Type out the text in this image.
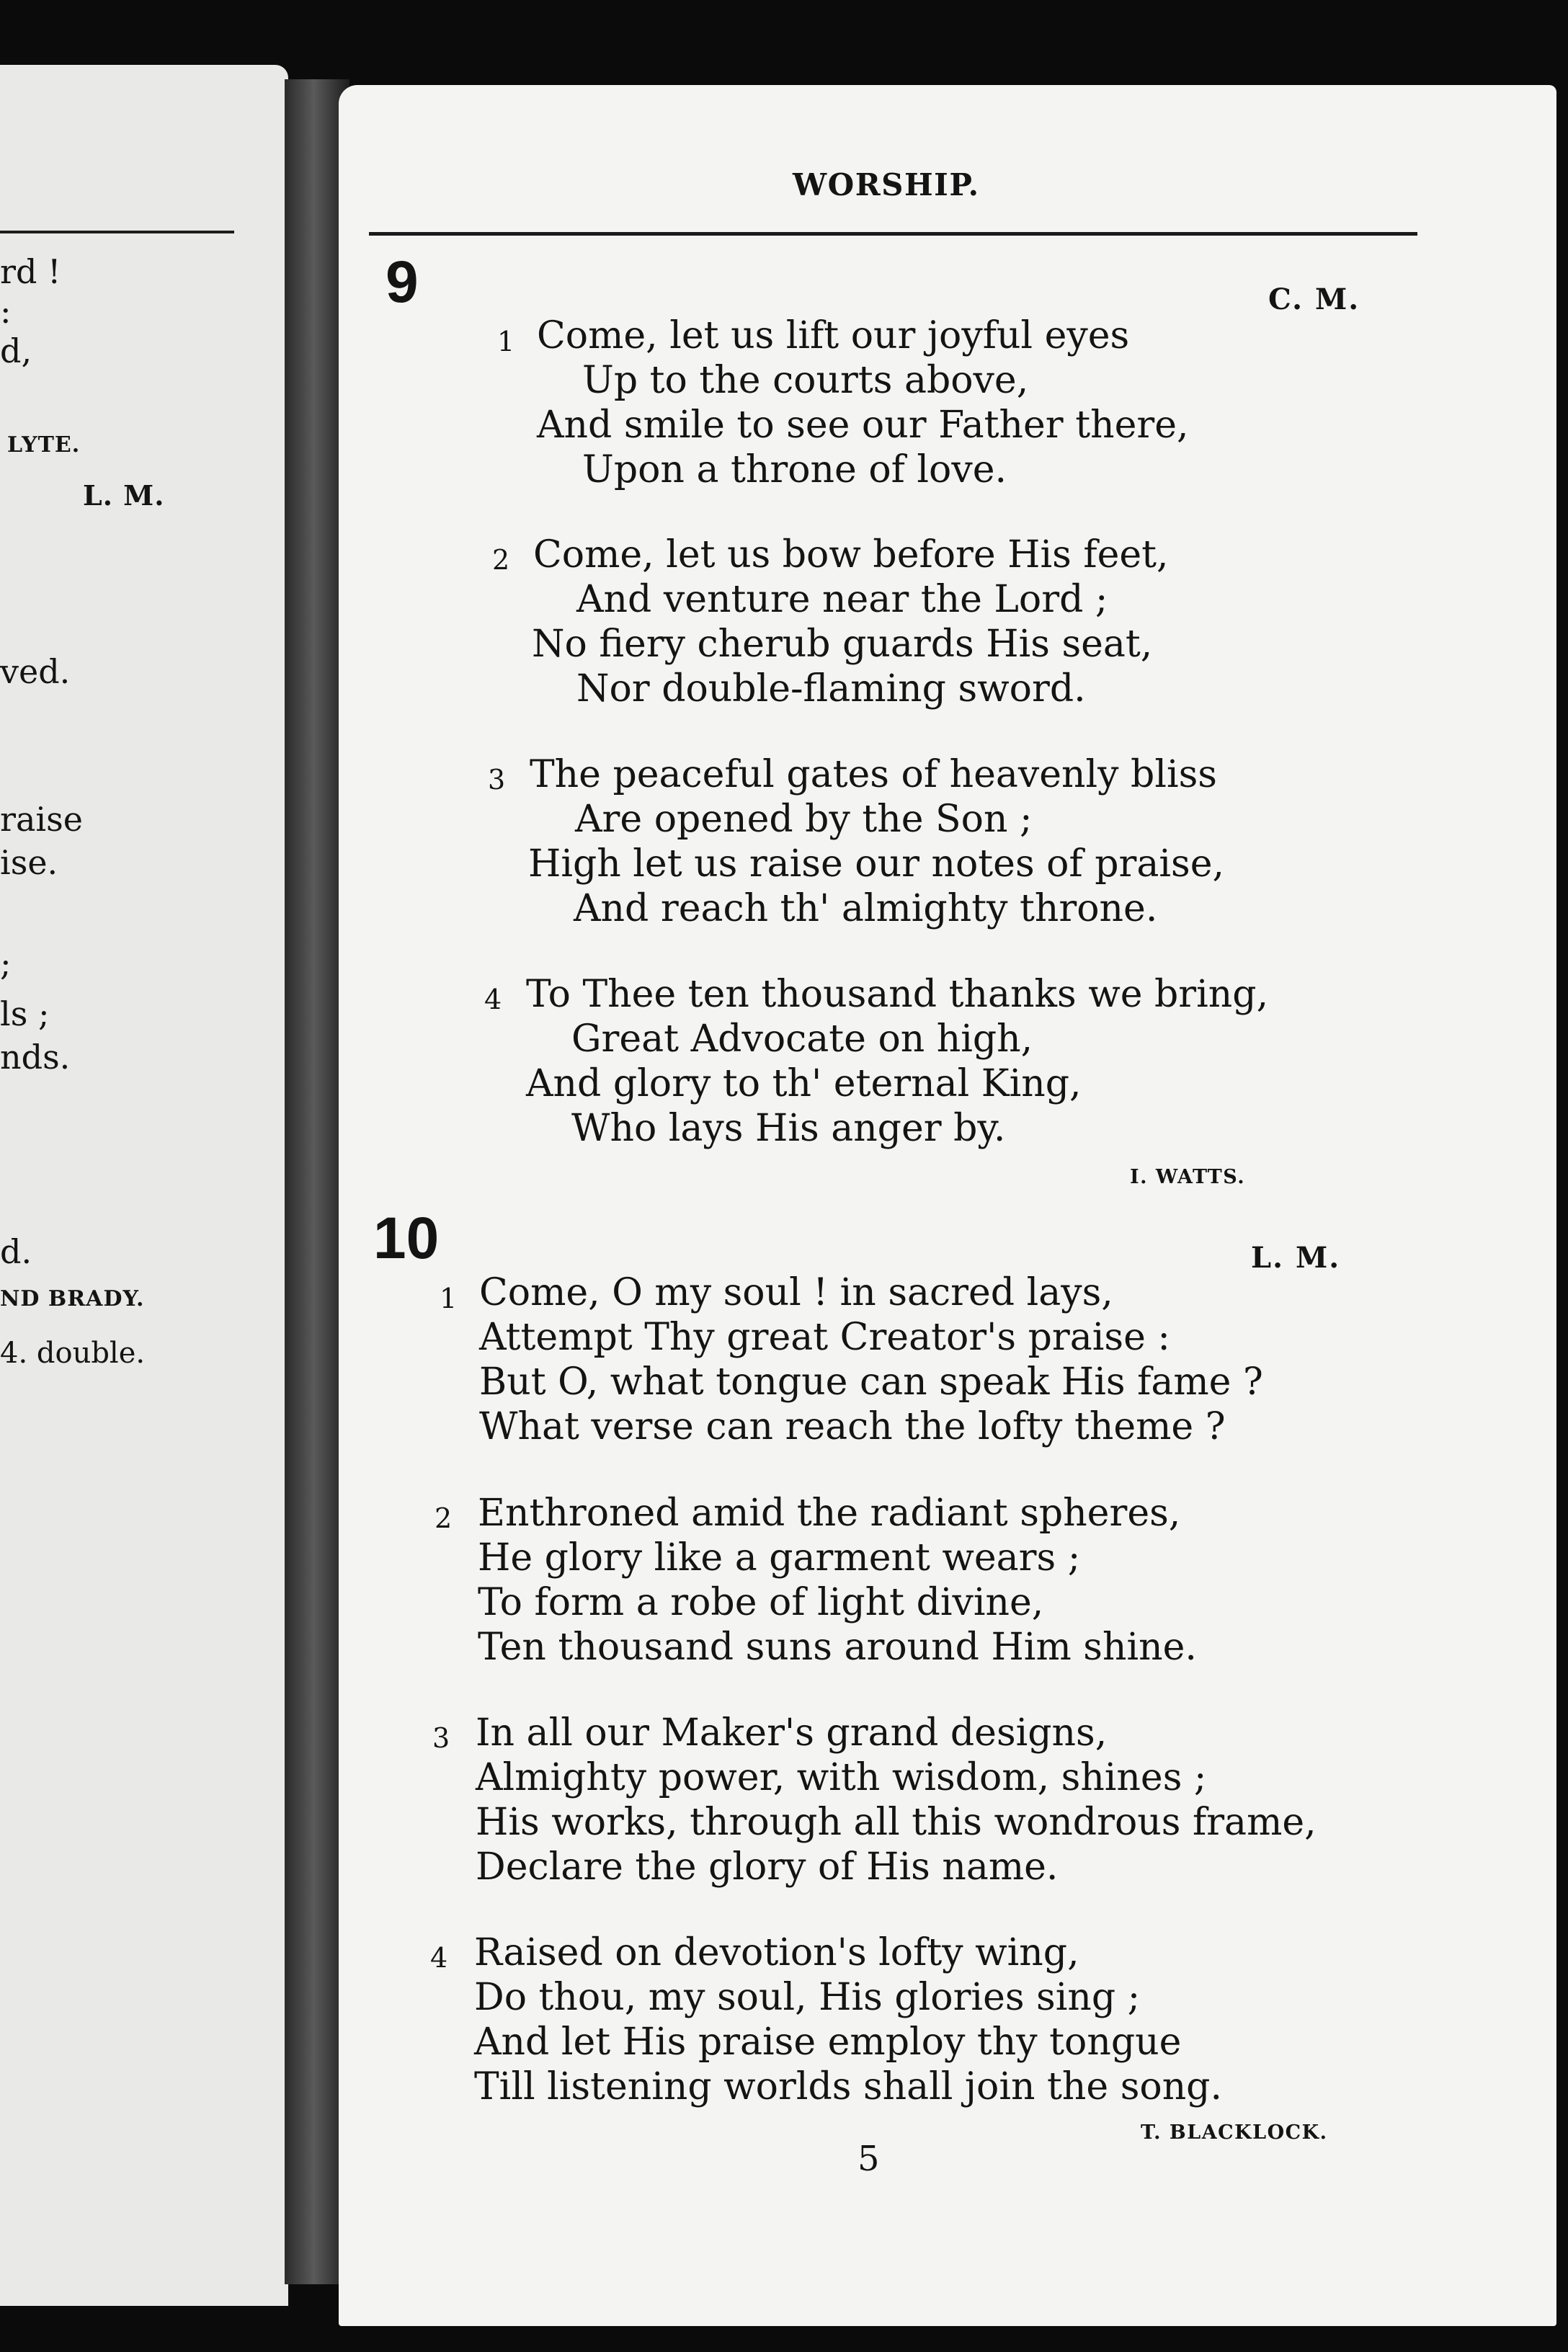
rd !
:
d,
LYTE.
L. M.
ved.
raise
ise.
;
ls ;
nds.
d.
ND BRADY.
4. double.
WORSHIP.
9	C. M.
1 Come, let us lift our joyful eyes
Up to the courts above,
And smile to see our Father there,
Upon a throne of love.
2 Come, let us bow before His feet,
And venture near the Lord ;
No fiery cherub guards His seat,
Nor double-flaming sword.
3 The peaceful gates of heavenly bliss
Are opened by the Son ;
High let us raise our notes of praise,
And reach th' almighty throne.
4 To Thee ten thousand thanks we bring,
Great Advocate on high,
And glory to th' eternal King,
Who lays His anger by.
I. WATTS.
10	L. M.
1 Come, O my soul ! in sacred lays,
Attempt Thy great Creator's praise :
But O, what tongue can speak His fame ?
What verse can reach the lofty theme ?
2 Enthroned amid the radiant spheres,
He glory like a garment wears ;
To form a robe of light divine,
Ten thousand suns around Him shine.
3 In all our Maker's grand designs,
Almighty power, with wisdom, shines ;
His works, through all this wondrous frame,
Declare the glory of His name.
4 Raised on devotion's lofty wing,
Do thou, my soul, His glories sing ;
And let His praise employ thy tongue
Till listening worlds shall join the song.
T. BLACKLOCK.
5
